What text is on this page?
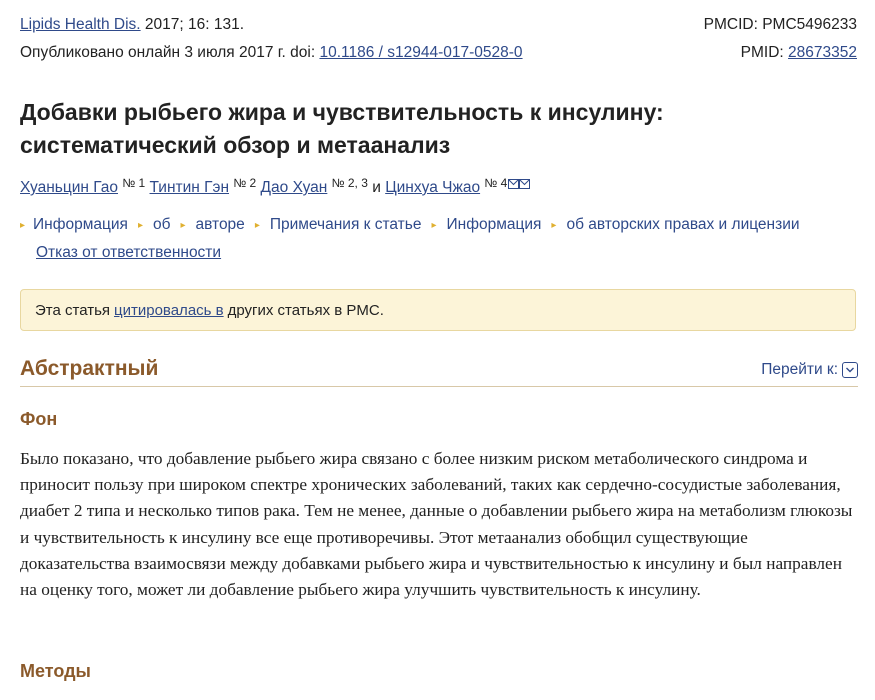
Lipids Health Dis. 2017; 16: 131.	PMCID: PMC5496233
Опубликовано онлайн 3 июля 2017 г. doi: 10.1186 / s12944-017-0528-0	PMID: 28673352
Добавки рыбьего жира и чувствительность к инсулину: систематический обзор и метаанализ
Хуаньцин Гао $^{№ 1}$ Тинтин Гэн $^{№ 2}$ Дао Хуан $^{№ 2, 3}$ и Цинхуа Чжао $^{№ 4}$
▸ Информация ▸ об ▸ авторе ▸ Примечания к статье ▸ Информация ▸ об авторских правах и лицензии
Отказ от ответственности
Эта статья цитировалась в других статьях в PMC.
Абстрактный	Перейти к:
Фон
Было показано, что добавление рыбьего жира связано с более низким риском метаболического синдрома и приносит пользу при широком спектре хронических заболеваний, таких как сердечно-сосудистые заболевания, диабет 2 типа и несколько типов рака. Тем не менее, данные о добавлении рыбьего жира на метаболизм глюкозы и чувствительность к инсулину все еще противоречивы. Этот метаанализ обобщил существующие доказательства взаимосвязи между добавками рыбьего жира и чувствительностью к инсулину и был направлен на оценку того, может ли добавление рыбьего жира улучшить чувствительность к инсулину.
Методы
